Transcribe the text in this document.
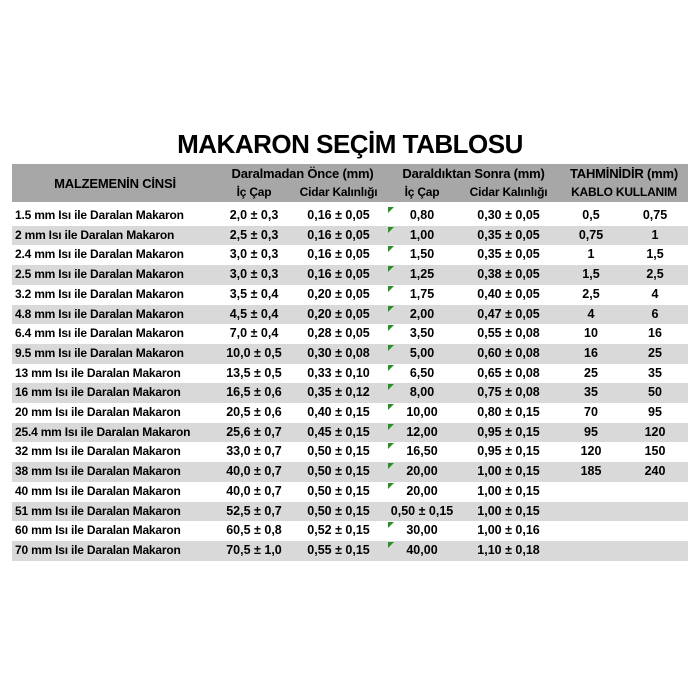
MAKARON SEÇİM TABLOSU
MALZEMENİN CİNSİ	Daralmadan Önce (mm)		Daraldıktan Sonra (mm)		TAHMİNİDİR (mm)	
	İç Çap	Cidar Kalınlığı	İç Çap	Cidar Kalınlığı	KABLO KULLANIM	
1.5 mm Isı ile Daralan Makaron	2,0 ± 0,3	0,16 ± 0,05	0,80	0,30 ± 0,05	0,5	0,75
2 mm Isı ile Daralan Makaron	2,5 ± 0,3	0,16 ± 0,05	1,00	0,35 ± 0,05	0,75	1
2.4 mm Isı ile Daralan Makaron	3,0 ± 0,3	0,16 ± 0,05	1,50	0,35 ± 0,05	1	1,5
2.5 mm Isı ile Daralan Makaron	3,0 ± 0,3	0,16 ± 0,05	1,25	0,38 ± 0,05	1,5	2,5
3.2 mm Isı ile Daralan Makaron	3,5 ± 0,4	0,20 ± 0,05	1,75	0,40 ± 0,05	2,5	4
4.8 mm Isı ile Daralan Makaron	4,5 ± 0,4	0,20 ± 0,05	2,00	0,47 ± 0,05	4	6
6.4 mm Isı ile Daralan Makaron	7,0 ± 0,4	0,28 ± 0,05	3,50	0,55 ± 0,08	10	16
9.5 mm Isı ile Daralan Makaron	10,0 ± 0,5	0,30 ± 0,08	5,00	0,60 ± 0,08	16	25
13 mm Isı ile Daralan Makaron	13,5 ± 0,5	0,33 ± 0,10	6,50	0,65 ± 0,08	25	35
16 mm Isı ile Daralan Makaron	16,5 ± 0,6	0,35 ± 0,12	8,00	0,75 ± 0,08	35	50
20 mm Isı ile Daralan Makaron	20,5 ± 0,6	0,40 ± 0,15	10,00	0,80 ± 0,15	70	95
25.4 mm Isı ile Daralan Makaron	25,6 ± 0,7	0,45 ± 0,15	12,00	0,95 ± 0,15	95	120
32 mm Isı ile Daralan Makaron	33,0 ± 0,7	0,50 ± 0,15	16,50	0,95 ± 0,15	120	150
38 mm Isı ile Daralan Makaron	40,0 ± 0,7	0,50 ± 0,15	20,00	1,00 ± 0,15	185	240
40 mm Isı ile Daralan Makaron	40,0 ± 0,7	0,50 ± 0,15	20,00	1,00 ± 0,15		
51 mm Isı ile Daralan Makaron	52,5 ± 0,7	0,50 ± 0,15	0,50 ± 0,15	1,00 ± 0,15		
60 mm Isı ile Daralan Makaron	60,5 ± 0,8	0,52 ± 0,15	30,00	1,00 ± 0,16		
70 mm Isı ile Daralan Makaron	70,5 ± 1,0	0,55 ± 0,15	40,00	1,10 ± 0,18		
